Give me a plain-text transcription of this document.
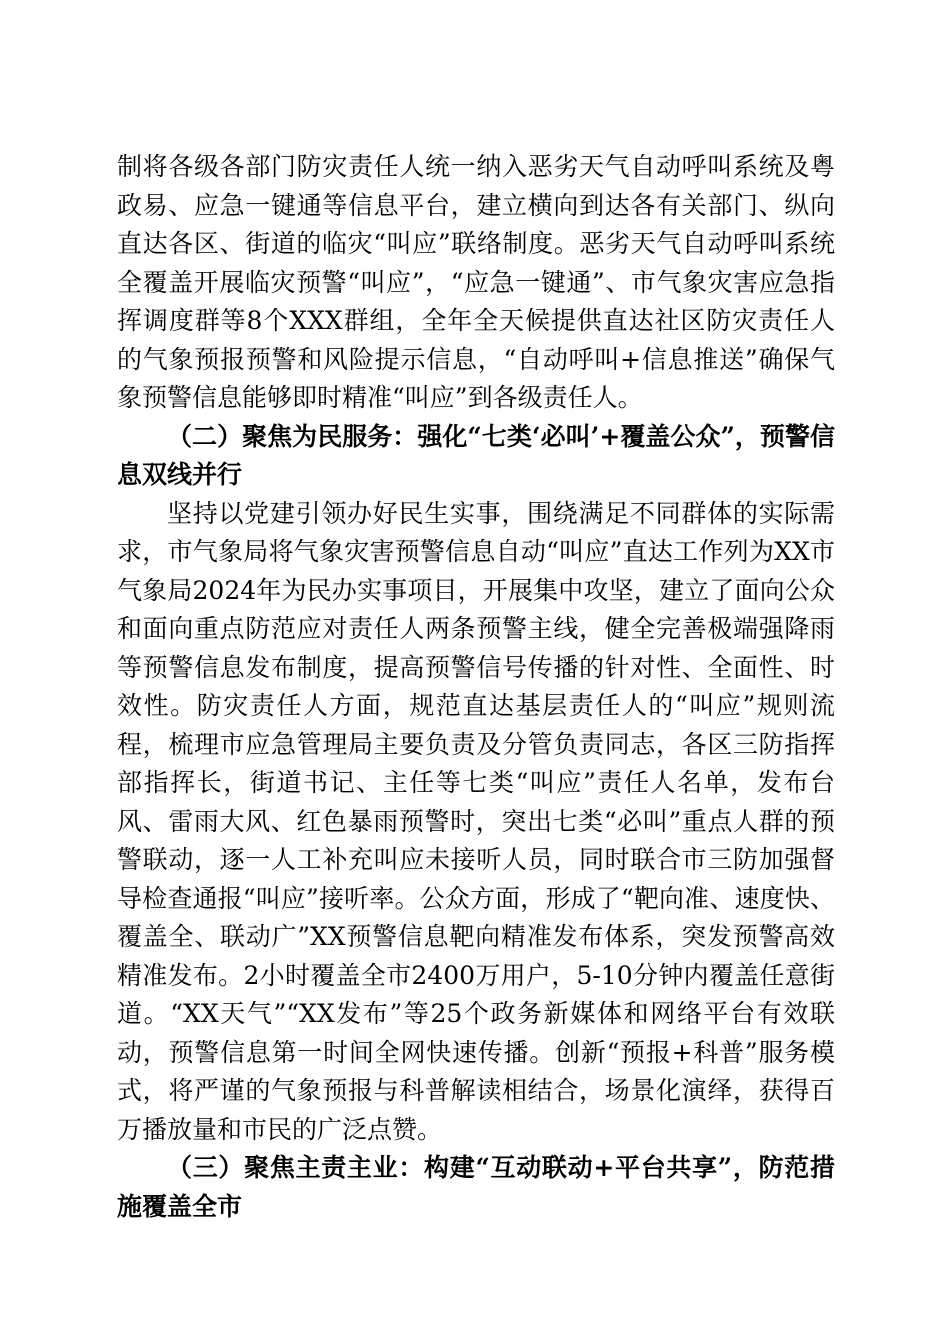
制将各级各部门防灾责任人统一纳入恶劣天气自动呼叫系统及粤政易、应急一键通等信息平台，建立横向到达各有关部门、纵向直达各区、街道的临灾“叫应”联络制度。恶劣天气自动呼叫系统全覆盖开展临灾预警“叫应”，“应急一键通”、市气象灾害应急指挥调度群等8个XXX群组，全年全天候提供直达社区防灾责任人的气象预报预警和风险提示信息，“自动呼叫+信息推送”确保气象预警信息能够即时精准“叫应”到各级责任人。

（二）聚焦为民服务：强化“七类‘必叫’+覆盖公众”，预警信息双线并行

坚持以党建引领办好民生实事，围绕满足不同群体的实际需求，市气象局将气象灾害预警信息自动“叫应”直达工作列为XX市气象局2024年为民办实事项目，开展集中攻坚，建立了面向公众和面向重点防范应对责任人两条预警主线，健全完善极端强降雨等预警信息发布制度，提高预警信号传播的针对性、全面性、时效性。防灾责任人方面，规范直达基层责任人的“叫应”规则流程，梳理市应急管理局主要负责及分管负责同志，各区三防指挥部指挥长，街道书记、主任等七类“叫应”责任人名单，发布台风、雷雨大风、红色暴雨预警时，突出七类“必叫”重点人群的预警联动，逐一人工补充叫应未接听人员，同时联合市三防加强督导检查通报“叫应”接听率。公众方面，形成了“靶向准、速度快、覆盖全、联动广”XX预警信息靶向精准发布体系，突发预警高效精准发布。2小时覆盖全市2400万用户，5-10分钟内覆盖任意街道。“XX天气”“XX发布”等25个政务新媒体和网络平台有效联动，预警信息第一时间全网快速传播。创新“预报+科普”服务模式，将严谨的气象预报与科普解读相结合，场景化演绎，获得百万播放量和市民的广泛点赞。

（三）聚焦主责主业：构建“互动联动+平台共享”，防范措施覆盖全市
